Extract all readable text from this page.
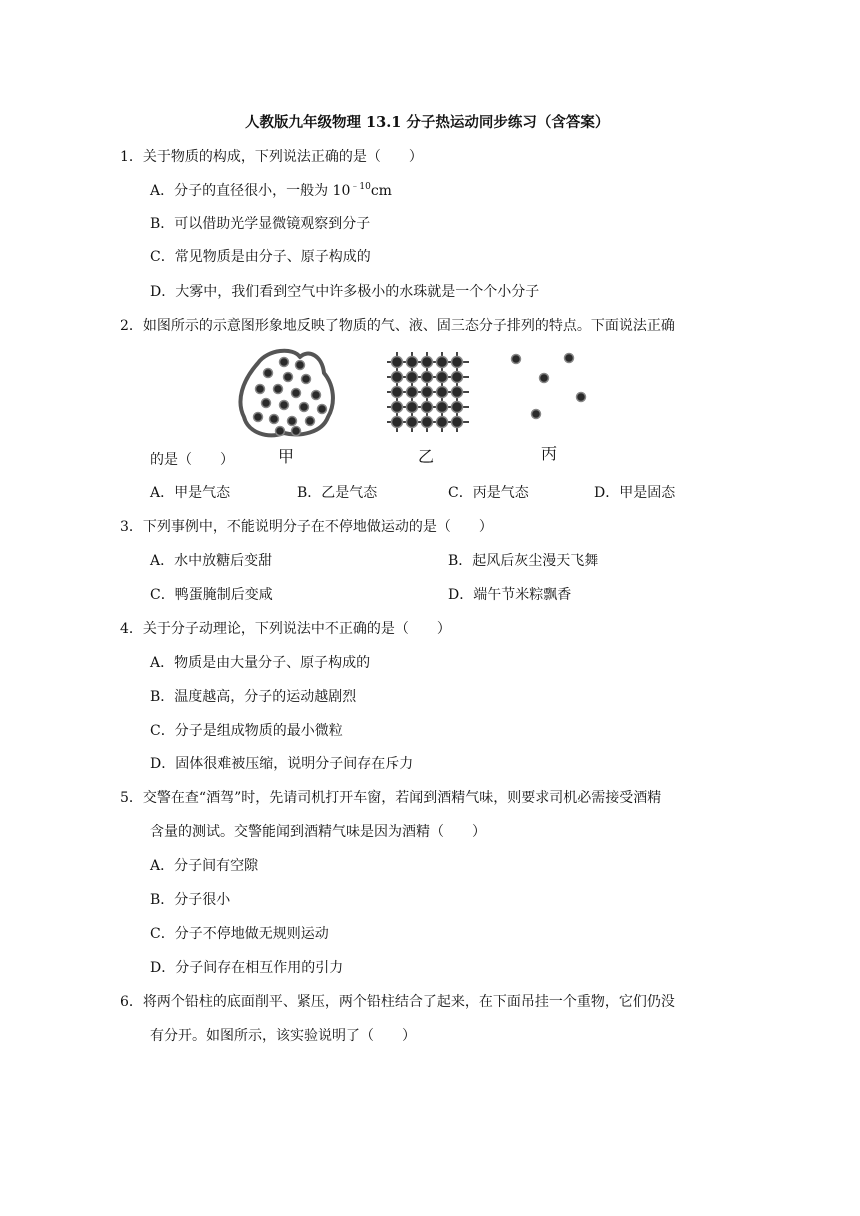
人教版九年级物理 13.1 分子热运动同步练习（含答案）
1．关于物质的构成，下列说法正确的是（　　）
A．分子的直径很小，一般为 $10^{﹣10}cm$
B．可以借助光学显微镜观察到分子
C．常见物质是由分子、原子构成的
D．大雾中，我们看到空气中许多极小的水珠就是一个个小分子
2．如图所示的示意图形象地反映了物质的气、液、固三态分子排列的特点。下面说法正确
甲	乙	丙
的是（　　）
A．甲是气态	B．乙是气态	C．丙是气态	D．甲是固态
3．下列事例中，不能说明分子在不停地做运动的是（　　）
A．水中放糖后变甜	B．起风后灰尘漫天飞舞
C．鸭蛋腌制后变咸	D．端午节米粽飘香
4．关于分子动理论，下列说法中不正确的是（　　）
A．物质是由大量分子、原子构成的
B．温度越高，分子的运动越剧烈
C．分子是组成物质的最小微粒
D．固体很难被压缩，说明分子间存在斥力
5．交警在查“酒驾”时，先请司机打开车窗，若闻到酒精气味，则要求司机必需接受酒精
含量的测试。交警能闻到酒精气味是因为酒精（　　）
A．分子间有空隙
B．分子很小
C．分子不停地做无规则运动
D．分子间存在相互作用的引力
6．将两个铅柱的底面削平、紧压，两个铅柱结合了起来，在下面吊挂一个重物，它们仍没
有分开。如图所示，该实验说明了（　　）
